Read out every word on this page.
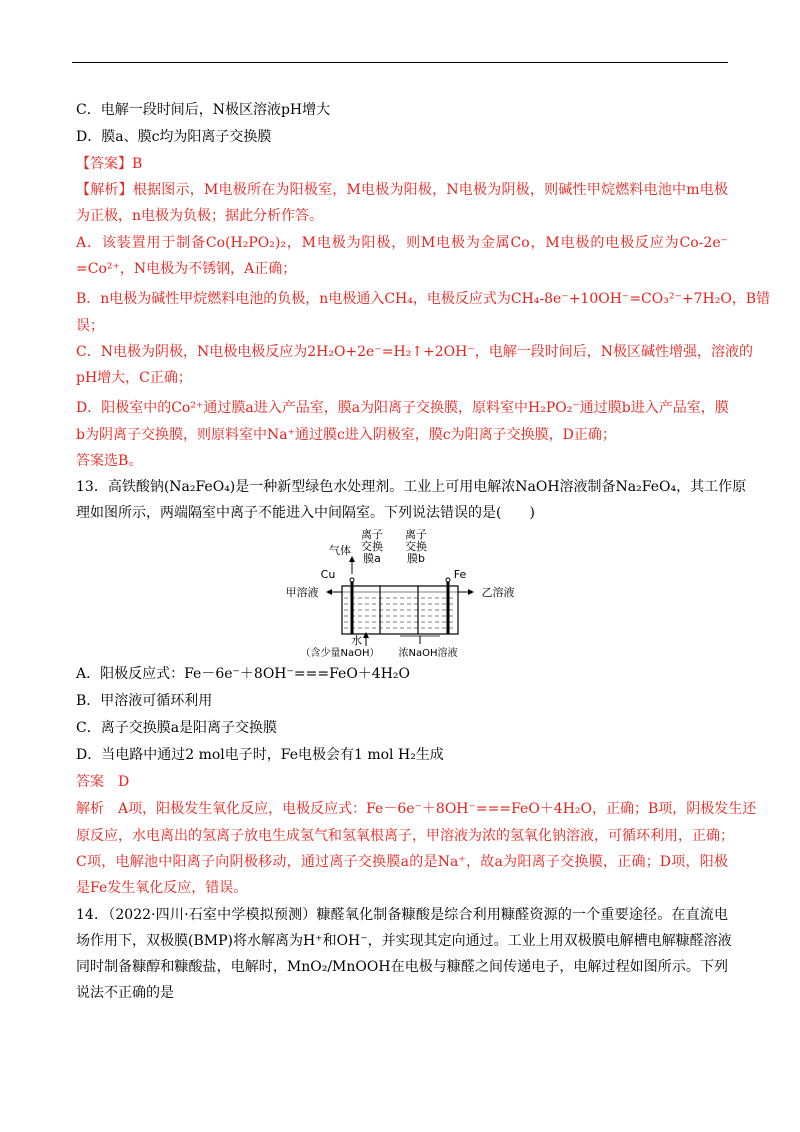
C．电解一段时间后，N极区溶液pH增大
D．膜a、膜c均为阳离子交换膜
【答案】B
【解析】根据图示，M电极所在为阳极室，M电极为阳极，N电极为阴极，则碱性甲烷燃料电池中m电极
为正极，n电极为负极；据此分析作答。
A．该装置用于制备Co(H₂PO₂)₂，M电极为阳极，则M电极为金属Co，M电极的电极反应为Co-2e⁻
=Co²⁺，N电极为不锈钢，A正确；
B．n电极为碱性甲烷燃料电池的负极，n电极通入CH₄，电极反应式为CH₄-8e⁻+10OH⁻=CO₃²⁻+7H₂O，B错
误；
C．N电极为阴极，N电极电极反应为2H₂O+2e⁻=H₂↑+2OH⁻，电解一段时间后，N极区碱性增强，溶液的
pH增大，C正确；
D．阳极室中的Co²⁺通过膜a进入产品室，膜a为阳离子交换膜，原料室中H₂PO₂⁻通过膜b进入产品室，膜
b为阴离子交换膜，则原料室中Na⁺通过膜c进入阴极室，膜c为阳离子交换膜，D正确；
答案选B。
13．高铁酸钠(Na₂FeO₄)是一种新型绿色水处理剂。工业上可用电解浓NaOH溶液制备Na₂FeO₄，其工作原
理如图所示，两端隔室中离子不能进入中间隔室。下列说法错误的是(　　)
离子
交换
膜a
离子
交换
膜b
气体
Cu	Fe
甲溶液	乙溶液
水
（含少量NaOH） 浓NaOH溶液
A．阳极反应式：Fe－6e⁻＋8OH⁻===FeO＋4H₂O
B．甲溶液可循环利用
C．离子交换膜a是阳离子交换膜
D．当电路中通过2 mol电子时，Fe电极会有1 mol H₂生成
答案　D
解析　A项，阳极发生氧化反应，电极反应式：Fe－6e⁻＋8OH⁻===FeO＋4H₂O，正确；B项，阴极发生还
原反应，水电离出的氢离子放电生成氢气和氢氧根离子，甲溶液为浓的氢氧化钠溶液，可循环利用，正确；
C项，电解池中阳离子向阴极移动，通过离子交换膜a的是Na⁺，故a为阳离子交换膜，正确；D项，阳极
是Fe发生氧化反应，错误。
14．（2022·四川·石室中学模拟预测）糠醛氧化制备糠酸是综合利用糠醛资源的一个重要途径。在直流电
场作用下，双极膜(BMP)将水解离为H⁺和OH⁻，并实现其定向通过。工业上用双极膜电解槽电解糠醛溶液
同时制备糠醇和糠酸盐，电解时，MnO₂/MnOOH在电极与糠醛之间传递电子，电解过程如图所示。下列
说法不正确的是
